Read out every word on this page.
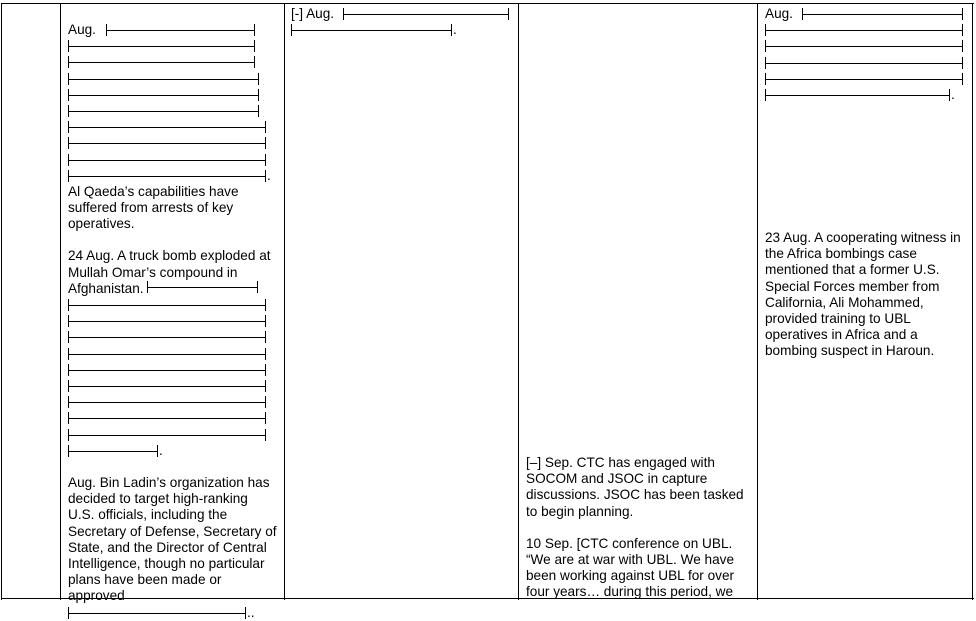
Aug.
.

Al Qaeda’s capabilities have suffered from arrests of key operatives.

24 Aug. A truck bomb exploded at Mullah Omar’s compound in Afghanistan.

.

Aug. Bin Ladin’s organization has decided to target high-ranking U.S. officials, including the Secretary of Defense, Secretary of State, and the Director of Central Intelligence, though no particular plans have been made or approved

..
[-] Aug.
.

[–] Sep. CTC has engaged with SOCOM and JSOC in capture discussions. JSOC has been tasked to begin planning.

10 Sep. [CTC conference on UBL. “We are at war with UBL. We have been working against UBL for over four years… during this period, we

Aug.
.

23 Aug. A cooperating witness in the Africa bombings case mentioned that a former U.S. Special Forces member from California, Ali Mohammed, provided training to UBL operatives in Africa and a bombing suspect in Haroun.
